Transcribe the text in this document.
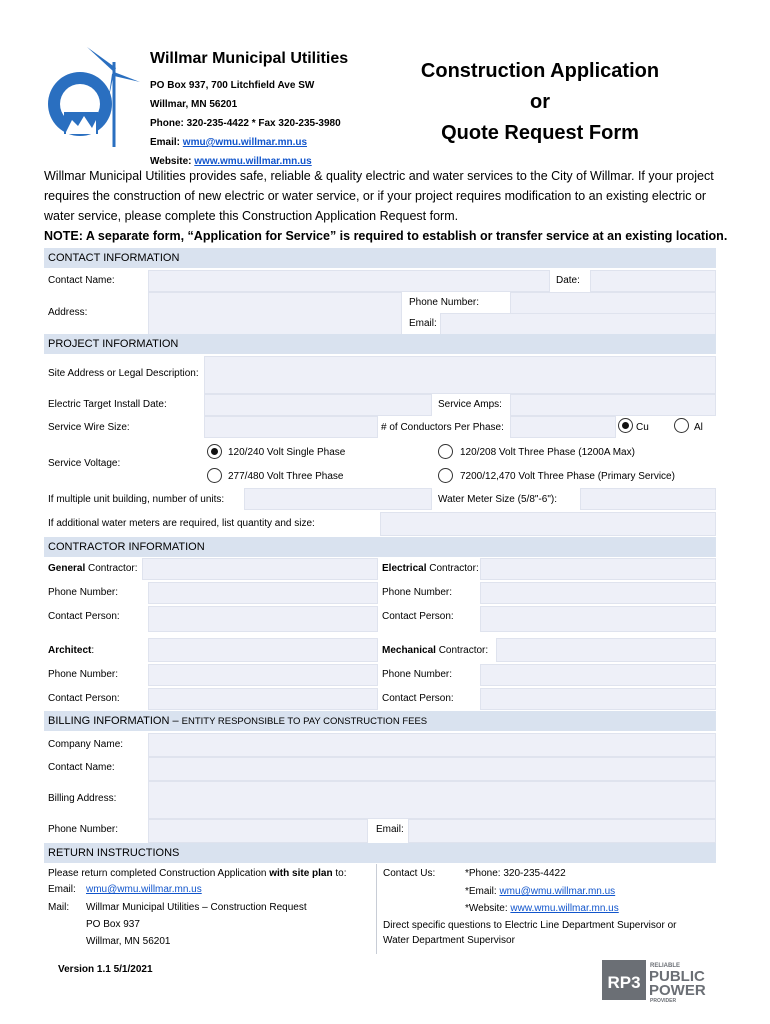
Willmar Municipal Utilities
PO Box 937, 700 Litchfield Ave SW
Willmar, MN 56201
Phone: 320-235-4422 * Fax 320-235-3980
Email: wmu@wmu.willmar.mn.us
Website: www.wmu.willmar.mn.us
Construction Application
or
Quote Request Form
Willmar Municipal Utilities provides safe, reliable & quality electric and water services to the City of Willmar. If your project requires the construction of new electric or water service, or if your project requires modification to an existing electric or water service, please complete this Construction Application Request form.
NOTE: A separate form, “Application for Service” is required to establish or transfer service at an existing location.
CONTACT INFORMATION
Contact Name:	Date:
Address:
Phone Number:
Email:
PROJECT INFORMATION
Site Address or Legal Description:
Electric Target Install Date:	Service Amps:
Service Wire Size:	# of Conductors Per Phase:	Cu	Al
Service Voltage:
120/240 Volt Single Phase
277/480 Volt Three Phase
120/208 Volt Three Phase (1200A Max)
7200/12,470 Volt Three Phase (Primary Service)
If multiple unit building, number of units:	Water Meter Size (5/8"-6"):
If additional water meters are required, list quantity and size:
CONTRACTOR INFORMATION
General Contractor:	Electrical Contractor:
Phone Number:	Phone Number:
Contact Person:	Contact Person:
Architect:	Mechanical Contractor:
Phone Number:	Phone Number:
Contact Person:	Contact Person:
BILLING INFORMATION – ENTITY RESPONSIBLE TO PAY CONSTRUCTION FEES
Company Name:
Contact Name:
Billing Address:
Phone Number:	Email:
RETURN INSTRUCTIONS
Please return completed Construction Application with site plan to:
Email: wmu@wmu.willmar.mn.us
Mail: Willmar Municipal Utilities – Construction Request
PO Box 937
Willmar, MN 56201
Contact Us:	*Phone: 320-235-4422
*Email: wmu@wmu.willmar.mn.us
*Website: www.wmu.willmar.mn.us
Direct specific questions to Electric Line Department Supervisor or
Water Department Supervisor
Version 1.1 5/1/2021
RP3
RELIABLE
PUBLIC
POWER
PROVIDER
